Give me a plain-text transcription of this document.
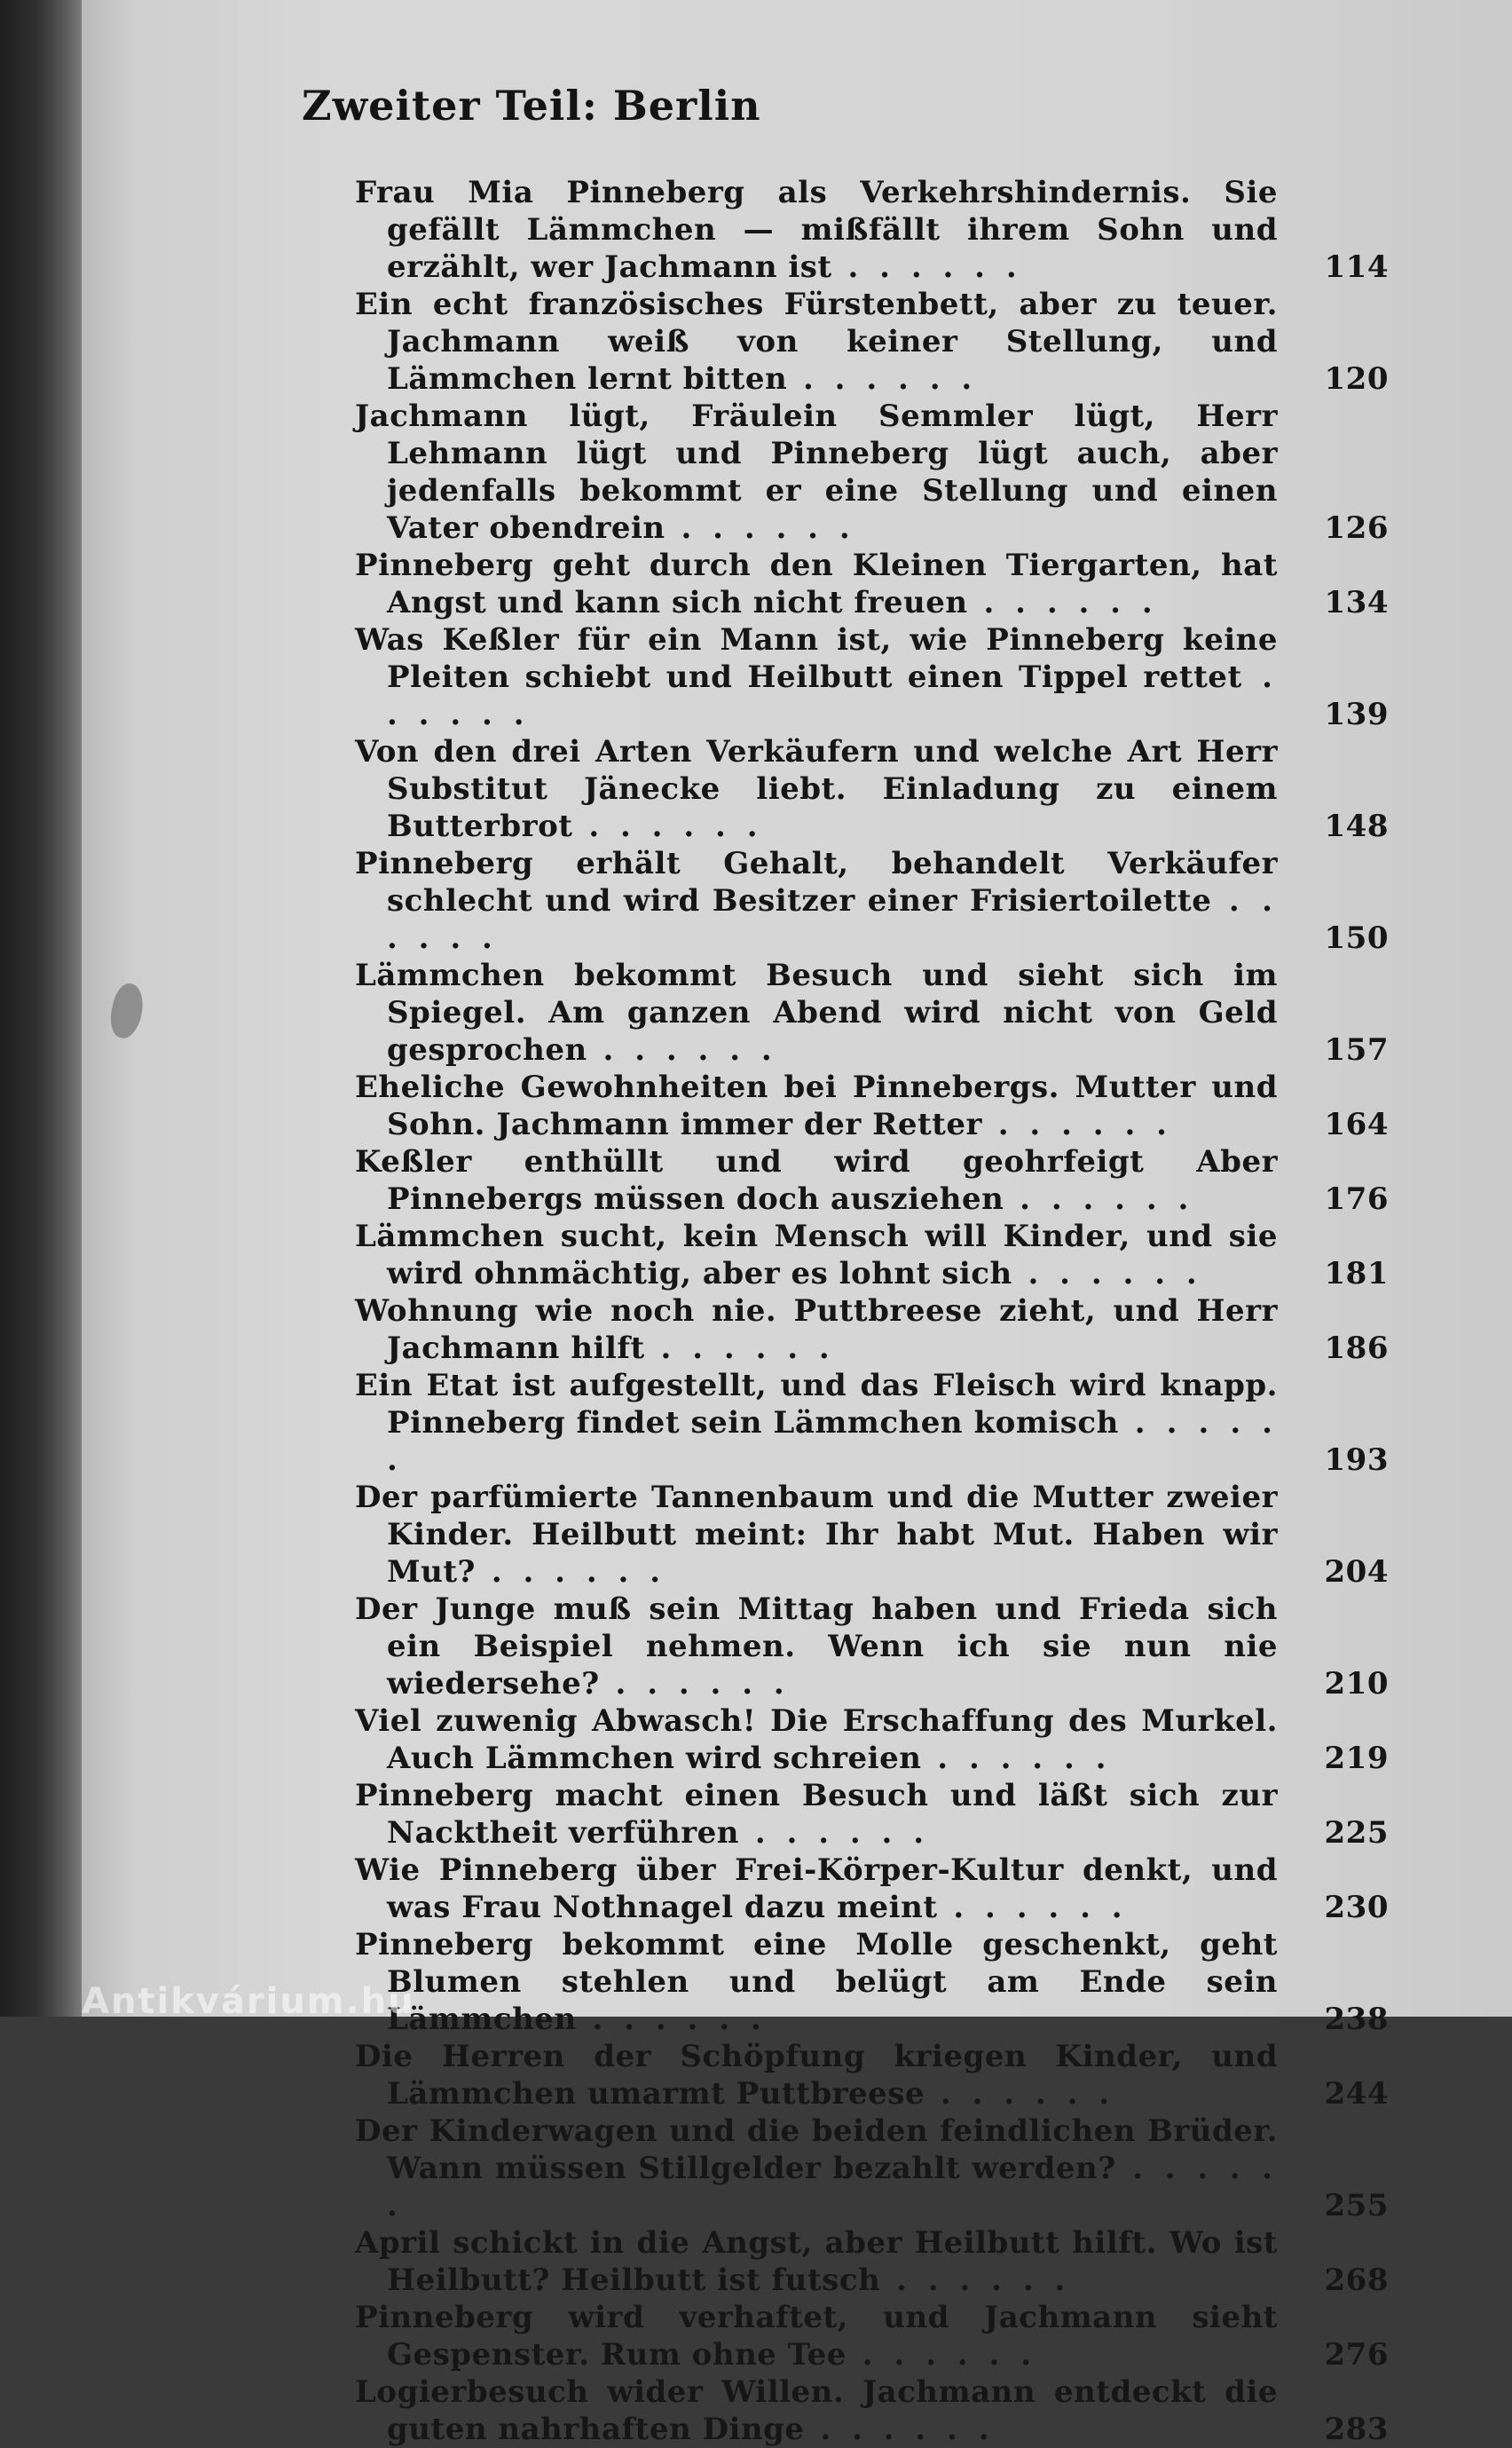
Zweiter Teil: Berlin
Frau Mia Pinneberg als Verkehrshindernis. Sie gefällt Lämmchen — mißfällt ihrem Sohn und erzählt, wer Jachmann ist . . . . . .	114
Ein echt französisches Fürstenbett, aber zu teuer. Jachmann weiß von keiner Stellung, und Lämmchen lernt bitten . . . . . .	120
Jachmann lügt, Fräulein Semmler lügt, Herr Lehmann lügt und Pinneberg lügt auch, aber jedenfalls bekommt er eine Stellung und einen Vater obendrein . . . . . .	126
Pinneberg geht durch den Kleinen Tiergarten, hat Angst und kann sich nicht freuen . . . . . .	134
Was Keßler für ein Mann ist, wie Pinneberg keine Pleiten schiebt und Heilbutt einen Tippel rettet . . . . . .	139
Von den drei Arten Verkäufern und welche Art Herr Substitut Jänecke liebt. Einladung zu einem Butterbrot . . . . . .	148
Pinneberg erhält Gehalt, behandelt Verkäufer schlecht und wird Besitzer einer Frisiertoilette . . . . . .	150
Lämmchen bekommt Besuch und sieht sich im Spiegel. Am ganzen Abend wird nicht von Geld gesprochen . . . . . .	157
Eheliche Gewohnheiten bei Pinnebergs. Mutter und Sohn. Jachmann immer der Retter . . . . . .	164
Keßler enthüllt und wird geohrfeigt Aber Pinnebergs müssen doch ausziehen . . . . . .	176
Lämmchen sucht, kein Mensch will Kinder, und sie wird ohnmächtig, aber es lohnt sich . . . . . .	181
Wohnung wie noch nie. Puttbreese zieht, und Herr Jachmann hilft . . . . . .	186
Ein Etat ist aufgestellt, und das Fleisch wird knapp. Pinneberg findet sein Lämmchen komisch . . . . . .	193
Der parfümierte Tannenbaum und die Mutter zweier Kinder. Heilbutt meint: Ihr habt Mut. Haben wir Mut? . . . . . .	204
Der Junge muß sein Mittag haben und Frieda sich ein Beispiel nehmen. Wenn ich sie nun nie wiedersehe? . . . . . .	210
Viel zuwenig Abwasch! Die Erschaffung des Murkel. Auch Lämmchen wird schreien . . . . . .	219
Pinneberg macht einen Besuch und läßt sich zur Nacktheit verführen . . . . . .	225
Wie Pinneberg über Frei-Körper-Kultur denkt, und was Frau Nothnagel dazu meint . . . . . .	230
Pinneberg bekommt eine Molle geschenkt, geht Blumen stehlen und belügt am Ende sein Lämmchen . . . . . .	238
Die Herren der Schöpfung kriegen Kinder, und Lämmchen umarmt Puttbreese . . . . . .	244
Der Kinderwagen und die beiden feindlichen Brüder. Wann müssen Stillgelder bezahlt werden? . . . . . .	255
April schickt in die Angst, aber Heilbutt hilft. Wo ist Heilbutt? Heilbutt ist futsch . . . . . .	268
Pinneberg wird verhaftet, und Jachmann sieht Gespenster. Rum ohne Tee . . . . . .	276
Logierbesuch wider Willen. Jachmann entdeckt die guten nahrhaften Dinge . . . . . .	283
Antikvárium.hu
